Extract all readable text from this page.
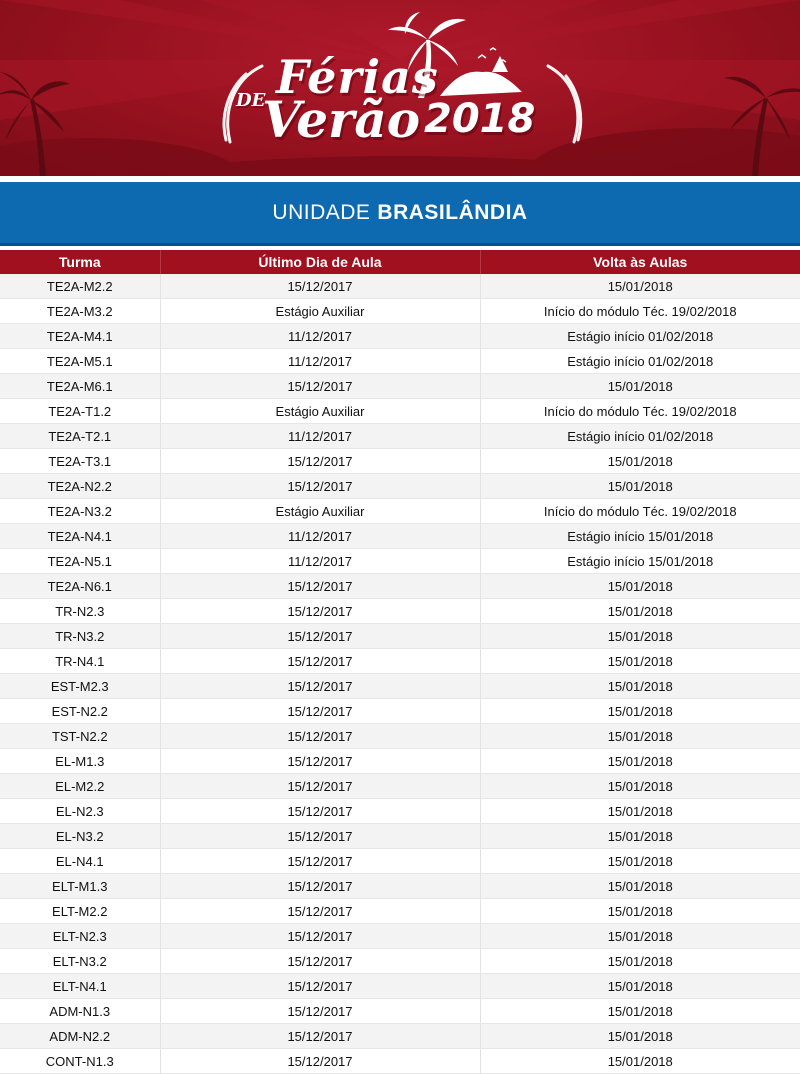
Férias
DE
Verão 2018
UNIDADE BRASILÂNDIA
Turma	Último Dia de Aula	Volta às Aulas
TE2A-M2.2	15/12/2017	15/01/2018
TE2A-M3.2	Estágio Auxiliar	Início do módulo Téc. 19/02/2018
TE2A-M4.1	11/12/2017	Estágio início 01/02/2018
TE2A-M5.1	11/12/2017	Estágio início 01/02/2018
TE2A-M6.1	15/12/2017	15/01/2018
TE2A-T1.2	Estágio Auxiliar	Início do módulo Téc. 19/02/2018
TE2A-T2.1	11/12/2017	Estágio início 01/02/2018
TE2A-T3.1	15/12/2017	15/01/2018
TE2A-N2.2	15/12/2017	15/01/2018
TE2A-N3.2	Estágio Auxiliar	Início do módulo Téc. 19/02/2018
TE2A-N4.1	11/12/2017	Estágio início 15/01/2018
TE2A-N5.1	11/12/2017	Estágio início 15/01/2018
TE2A-N6.1	15/12/2017	15/01/2018
TR-N2.3	15/12/2017	15/01/2018
TR-N3.2	15/12/2017	15/01/2018
TR-N4.1	15/12/2017	15/01/2018
EST-M2.3	15/12/2017	15/01/2018
EST-N2.2	15/12/2017	15/01/2018
TST-N2.2	15/12/2017	15/01/2018
EL-M1.3	15/12/2017	15/01/2018
EL-M2.2	15/12/2017	15/01/2018
EL-N2.3	15/12/2017	15/01/2018
EL-N3.2	15/12/2017	15/01/2018
EL-N4.1	15/12/2017	15/01/2018
ELT-M1.3	15/12/2017	15/01/2018
ELT-M2.2	15/12/2017	15/01/2018
ELT-N2.3	15/12/2017	15/01/2018
ELT-N3.2	15/12/2017	15/01/2018
ELT-N4.1	15/12/2017	15/01/2018
ADM-N1.3	15/12/2017	15/01/2018
ADM-N2.2	15/12/2017	15/01/2018
CONT-N1.3	15/12/2017	15/01/2018
